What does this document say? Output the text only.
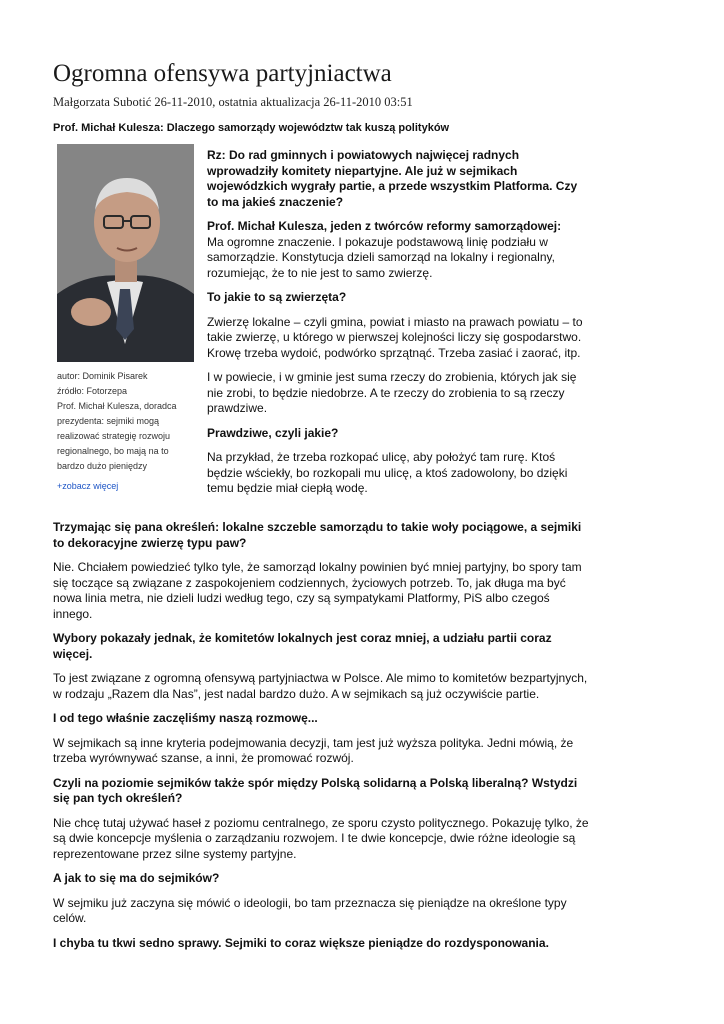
Ogromna ofensywa partyjniactwa
Małgorzata Subotić 26-11-2010, ostatnia aktualizacja 26-11-2010 03:51
Prof. Michał Kulesza: Dlaczego samorządy województw tak kuszą polityków
autor: Dominik Pisarek
źródło: Fotorzepa
Prof. Michał Kulesza, doradca prezydenta: sejmiki mogą realizować strategię rozwoju regionalnego, bo mają na to bardzo dużo pieniędzy
+zobacz więcej

Rz: Do rad gminnych i powiatowych najwięcej radnych wprowadziły komitety niepartyjne. Ale już w sejmikach wojewódzkich wygrały partie, a przede wszystkim Platforma. Czy to ma jakieś znaczenie?

Prof. Michał Kulesza, jeden z twórców reformy samorządowej:
Ma ogromne znaczenie. I pokazuje podstawową linię podziału w samorządzie. Konstytucja dzieli samorząd na lokalny i regionalny, rozumiejąc, że to nie jest to samo zwierzę.

To jakie to są zwierzęta?

Zwierzę lokalne – czyli gmina, powiat i miasto na prawach powiatu – to takie zwierzę, u którego w pierwszej kolejności liczy się gospodarstwo. Krowę trzeba wydoić, podwórko sprzątnąć. Trzeba zasiać i zaorać, itp.

I w powiecie, i w gminie jest suma rzeczy do zrobienia, których jak się nie zrobi, to będzie niedobrze. A te rzeczy do zrobienia to są rzeczy prawdziwe.

Prawdziwe, czyli jakie?

Na przykład, że trzeba rozkopać ulicę, aby położyć tam rurę. Ktoś będzie wściekły, bo rozkopali mu ulicę, a ktoś zadowolony, bo dzięki temu będzie miał ciepłą wodę.

Trzymając się pana określeń: lokalne szczeble samorządu to takie woły pociągowe, a sejmiki to dekoracyjne zwierzę typu paw?

Nie. Chciałem powiedzieć tylko tyle, że samorząd lokalny powinien być mniej partyjny, bo spory tam się toczące są związane z zaspokojeniem codziennych, życiowych potrzeb. To, jak długa ma być nowa linia metra, nie dzieli ludzi według tego, czy są sympatykami Platformy, PiS albo czegoś innego.

Wybory pokazały jednak, że komitetów lokalnych jest coraz mniej, a udziału partii coraz więcej.

To jest związane z ogromną ofensywą partyjniactwa w Polsce. Ale mimo to komitetów bezpartyjnych, w rodzaju „Razem dla Nas”, jest nadal bardzo dużo. A w sejmikach są już oczywiście partie.

I od tego właśnie zaczęliśmy naszą rozmowę...

W sejmikach są inne kryteria podejmowania decyzji, tam jest już wyższa polityka. Jedni mówią, że trzeba wyrównywać szanse, a inni, że promować rozwój.

Czyli na poziomie sejmików także spór między Polską solidarną a Polską liberalną? Wstydzi się pan tych określeń?

Nie chcę tutaj używać haseł z poziomu centralnego, ze sporu czysto politycznego. Pokazuję tylko, że są dwie koncepcje myślenia o zarządzaniu rozwojem. I te dwie koncepcje, dwie różne ideologie są reprezentowane przez silne systemy partyjne.

A jak to się ma do sejmików?

W sejmiku już zaczyna się mówić o ideologii, bo tam przeznacza się pieniądze na określone typy celów.

I chyba tu tkwi sedno sprawy. Sejmiki to coraz większe pieniądze do rozdysponowania.
